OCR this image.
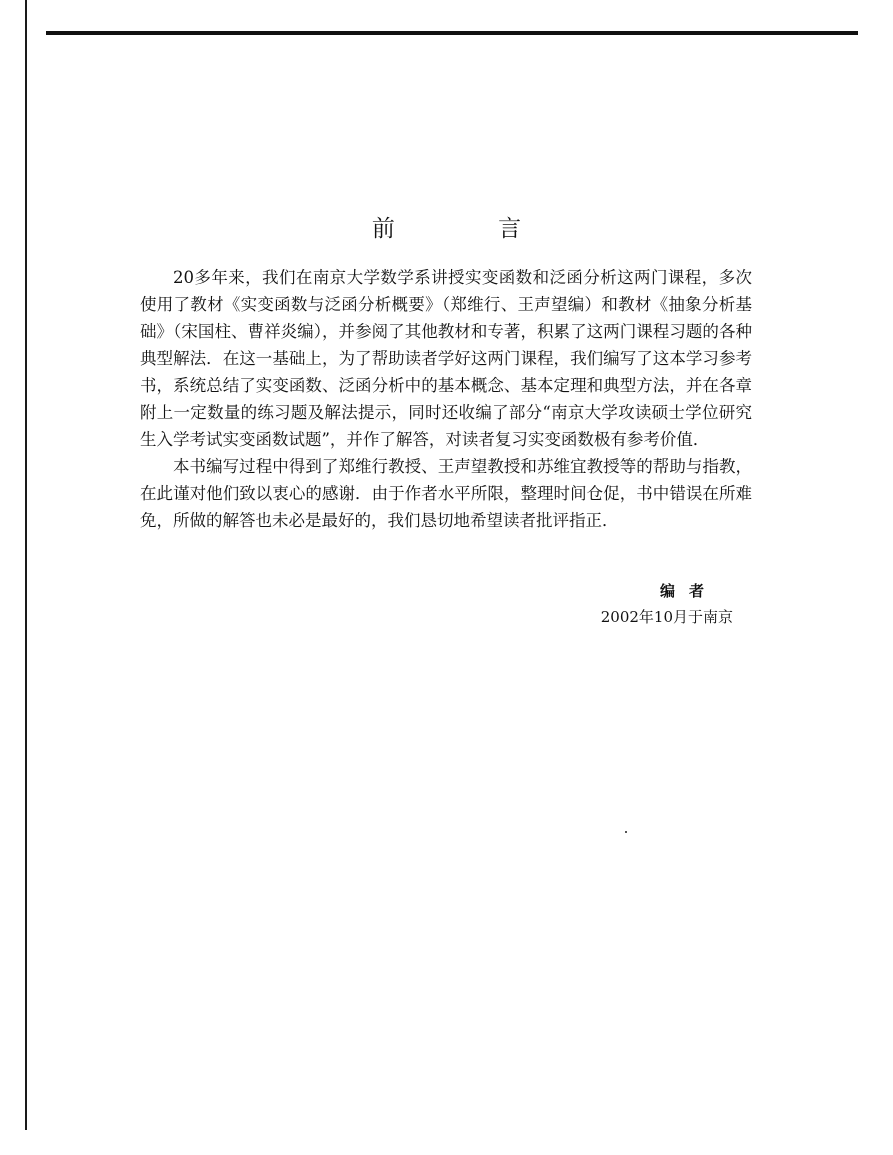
前 言

20多年来，我们在南京大学数学系讲授实变函数和泛函分析这两门课程，多次使用了教材《实变函数与泛函分析概要》（郑维行、王声望编）和教材《抽象分析基础》（宋国柱、曹祥炎编），并参阅了其他教材和专著，积累了这两门课程习题的各种典型解法．在这一基础上，为了帮助读者学好这两门课程，我们编写了这本学习参考书，系统总结了实变函数、泛函分析中的基本概念、基本定理和典型方法，并在各章附上一定数量的练习题及解法提示，同时还收编了部分“南京大学攻读硕士学位研究生入学考试实变函数试题”，并作了解答，对读者复习实变函数极有参考价值．

本书编写过程中得到了郑维行教授、王声望教授和苏维宜教授等的帮助与指教，在此谨对他们致以衷心的感谢．由于作者水平所限，整理时间仓促，书中错误在所难免，所做的解答也未必是最好的，我们恳切地希望读者批评指正．

编者
2002年10月于南京
